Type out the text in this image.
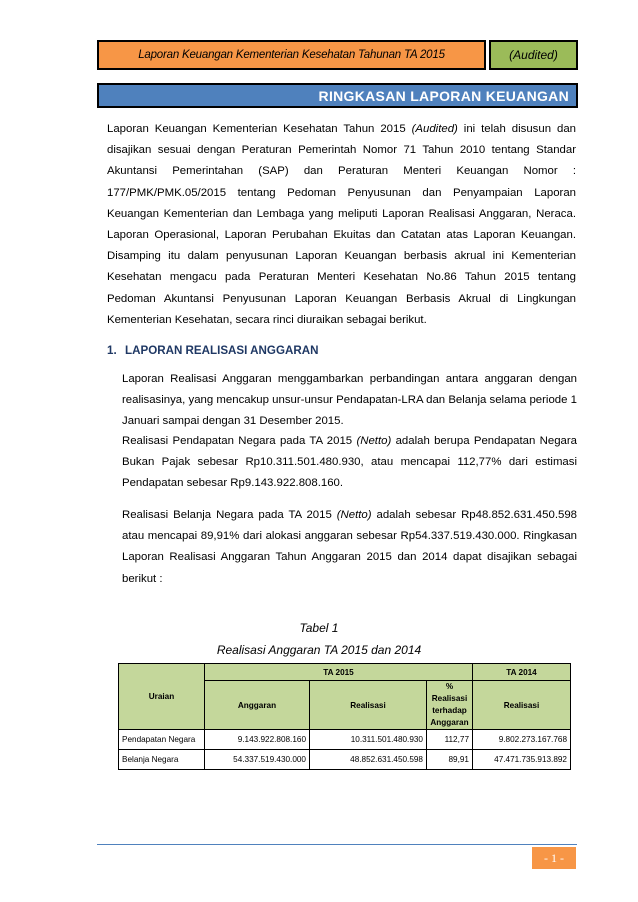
Laporan Keuangan Kementerian Kesehatan Tahunan TA 2015	(Audited)
RINGKASAN LAPORAN KEUANGAN
Laporan Keuangan Kementerian Kesehatan Tahun 2015 (Audited) ini telah disusun dan disajikan sesuai dengan Peraturan Pemerintah Nomor 71 Tahun 2010 tentang Standar Akuntansi Pemerintahan (SAP) dan Peraturan Menteri Keuangan Nomor : 177/PMK/PMK.05/2015 tentang Pedoman Penyusunan dan Penyampaian Laporan Keuangan Kementerian dan Lembaga yang meliputi Laporan Realisasi Anggaran, Neraca. Laporan Operasional, Laporan Perubahan Ekuitas dan Catatan atas Laporan Keuangan. Disamping itu dalam penyusunan Laporan Keuangan berbasis akrual ini Kementerian Kesehatan mengacu pada Peraturan Menteri Kesehatan No.86 Tahun 2015 tentang Pedoman Akuntansi Penyusunan Laporan Keuangan Berbasis Akrual di Lingkungan Kementerian Kesehatan, secara rinci diuraikan sebagai berikut.
1. LAPORAN REALISASI ANGGARAN
Laporan Realisasi Anggaran menggambarkan perbandingan antara anggaran dengan realisasinya, yang mencakup unsur-unsur Pendapatan-LRA dan Belanja selama periode 1 Januari sampai dengan 31 Desember 2015.
Realisasi Pendapatan Negara pada TA 2015 (Netto) adalah berupa Pendapatan Negara Bukan Pajak sebesar Rp10.311.501.480.930, atau mencapai 112,77% dari estimasi Pendapatan sebesar Rp9.143.922.808.160.
Realisasi Belanja Negara pada TA 2015 (Netto) adalah sebesar Rp48.852.631.450.598 atau mencapai 89,91% dari alokasi anggaran sebesar Rp54.337.519.430.000. Ringkasan Laporan Realisasi Anggaran Tahun Anggaran 2015 dan 2014 dapat disajikan sebagai berikut :
Tabel 1
Realisasi Anggaran TA 2015 dan 2014
Uraian	TA 2015			TA 2014
	Anggaran	Realisasi	% Realisasi
terhadap
Anggaran	Realisasi
Pendapatan Negara	9.143.922.808.160	10.311.501.480.930	112,77	9.802.273.167.768
Belanja Negara	54.337.519.430.000	48.852.631.450.598	89,91	47.471.735.913.892
- 1 -
